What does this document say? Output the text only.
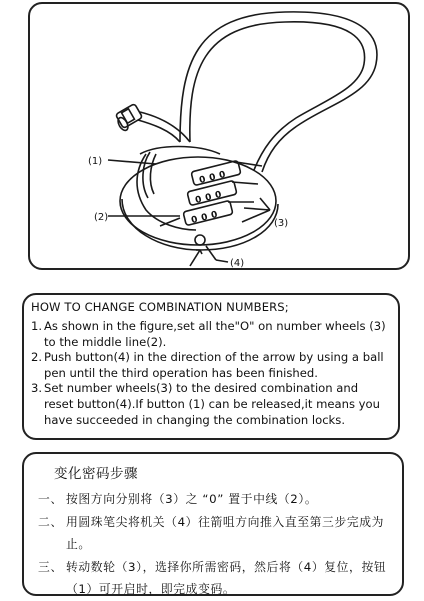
000
000
000
(1)
(2)
(3)
(4)
HOW TO CHANGE COMBINATION NUMBERS;
1. As shown in the figure,set all the"O" on number wheels (3) to the middle line(2).
2. Push button(4) in the direction of the arrow by using a ball pen until the third operation has been finished.
3. Set number wheels(3) to the desired combination and reset button(4).If button (1) can be released,it means you have succeeded in changing the combination locks.
变化密码步骤
一、 按图方向分别将（3）之 “0” 置于中线（2）。
二、 用圆珠笔尖将机关（4）往箭咀方向推入直至第三步完成为止。
三、 转动数轮（3），选择你所需密码，然后将（4）复位，按钮（1）可开启时，即完成变码。
